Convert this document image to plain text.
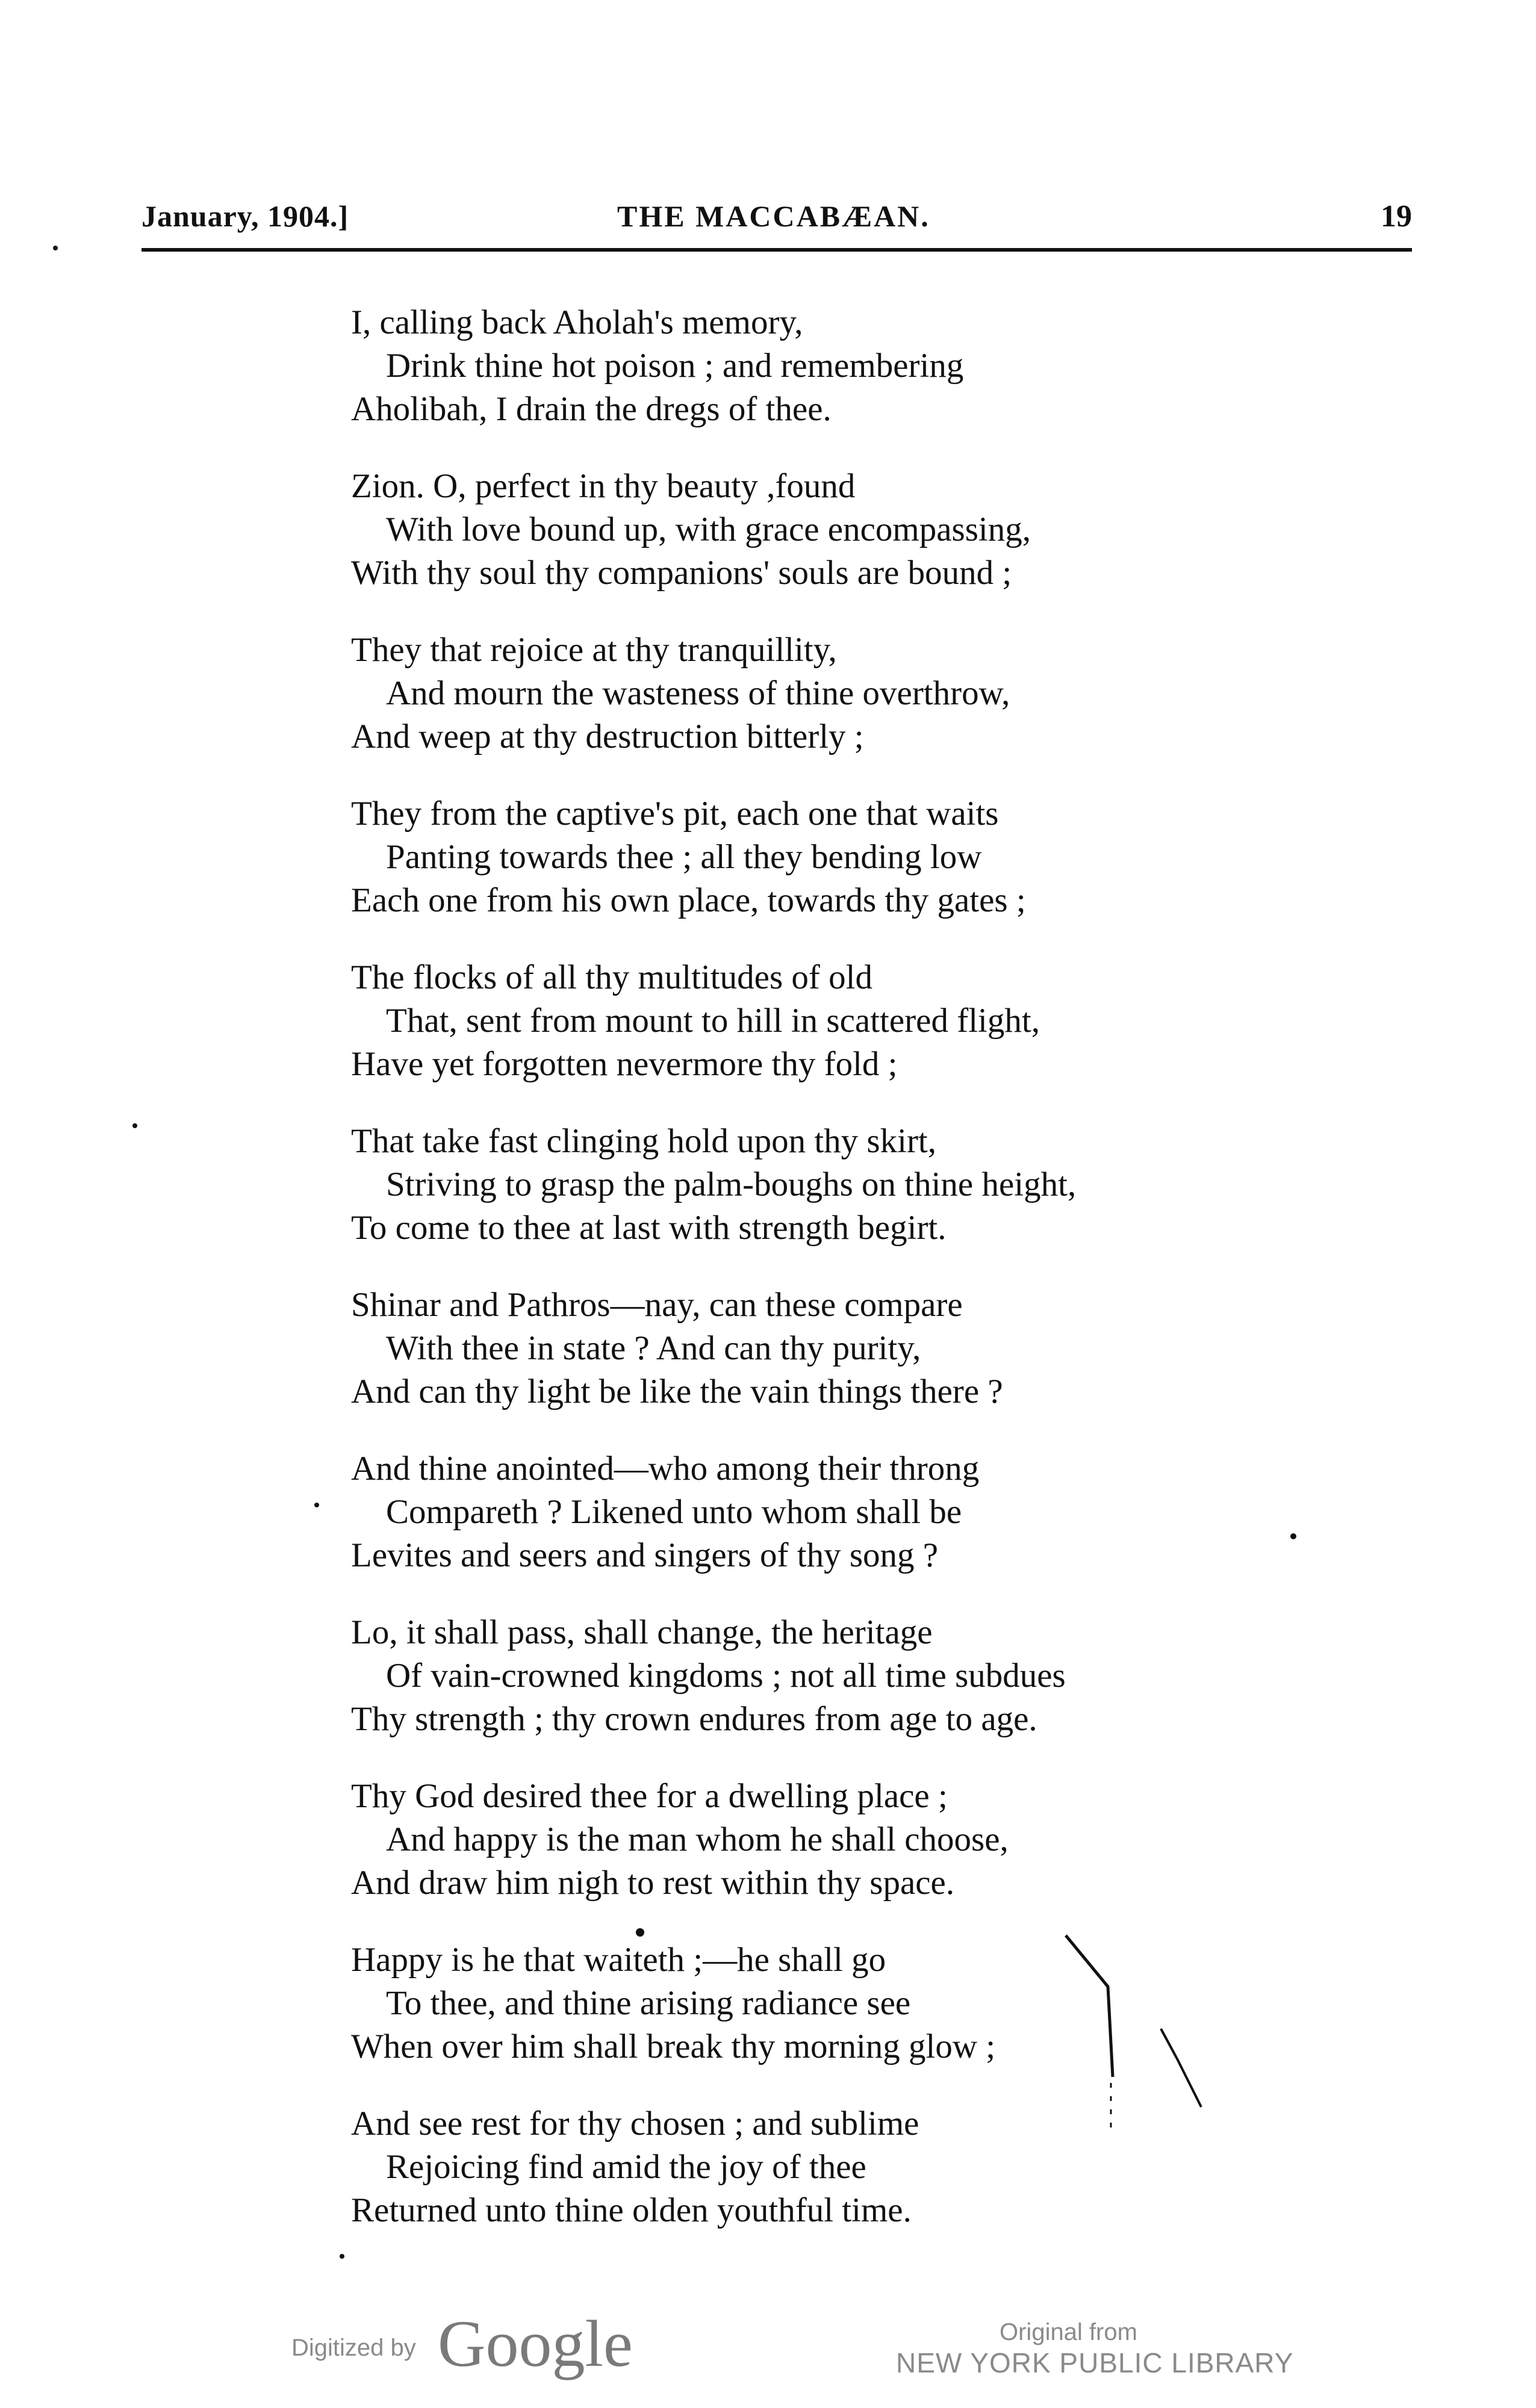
January, 1904.]	THE MACCABÆAN.	19
I, calling back Aholah's memory,
Drink thine hot poison ; and remembering
Aholibah, I drain the dregs of thee.
Zion. O, perfect in thy beauty ,found
With love bound up, with grace encompassing,
With thy soul thy companions' souls are bound ;
They that rejoice at thy tranquillity,
And mourn the wasteness of thine overthrow,
And weep at thy destruction bitterly ;
They from the captive's pit, each one that waits
Panting towards thee ; all they bending low
Each one from his own place, towards thy gates ;
The flocks of all thy multitudes of old
That, sent from mount to hill in scattered flight,
Have yet forgotten nevermore thy fold ;
That take fast clinging hold upon thy skirt,
Striving to grasp the palm-boughs on thine height,
To come to thee at last with strength begirt.
Shinar and Pathros—nay, can these compare
With thee in state ? And can thy purity,
And can thy light be like the vain things there ?
And thine anointed—who among their throng
Compareth ? Likened unto whom shall be
Levites and seers and singers of thy song ?
Lo, it shall pass, shall change, the heritage
Of vain-crowned kingdoms ; not all time subdues
Thy strength ; thy crown endures from age to age.
Thy God desired thee for a dwelling place ;
And happy is the man whom he shall choose,
And draw him nigh to rest within thy space.
Happy is he that waiteth ;—he shall go
To thee, and thine arising radiance see
When over him shall break thy morning glow ;
And see rest for thy chosen ; and sublime
Rejoicing find amid the joy of thee
Returned unto thine olden youthful time.
Digitized by Google	Original from
NEW YORK PUBLIC LIBRARY
